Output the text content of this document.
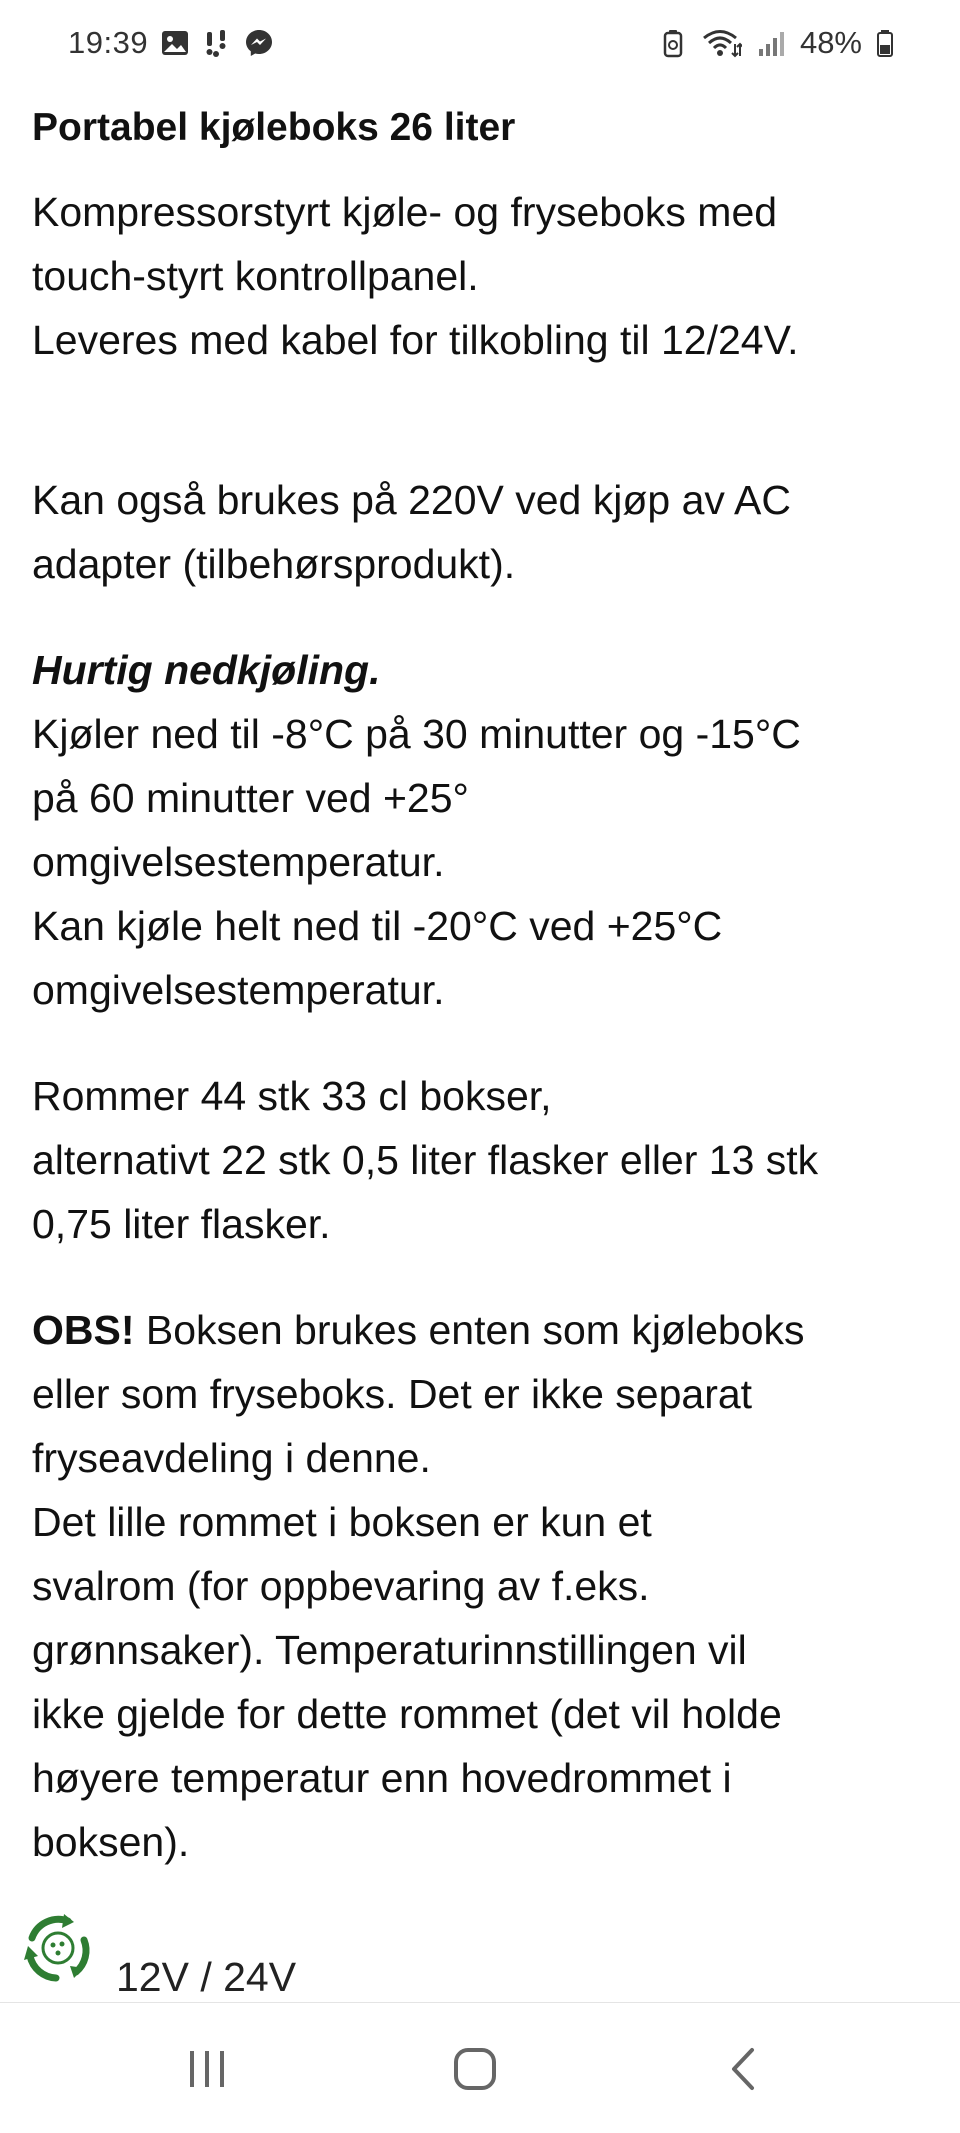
19:39	48%
Portabel kjøleboks 26 liter
Kompressorstyrt kjøle- og fryseboks med
touch-styrt kontrollpanel.
Leveres med kabel for tilkobling til 12/24V.
Kan også brukes på 220V ved kjøp av AC
adapter (tilbehørsprodukt).
Hurtig nedkjøling.
Kjøler ned til -8°C på 30 minutter og -15°C
på 60 minutter ved +25°
omgivelsestemperatur.
Kan kjøle helt ned til -20°C ved +25°C
omgivelsestemperatur.
Rommer 44 stk 33 cl bokser,
alternativt 22 stk 0,5 liter flasker eller 13 stk
0,75 liter flasker.
OBS! Boksen brukes enten som kjøleboks
eller som fryseboks. Det er ikke separat
fryseavdeling i denne.
Det lille rommet i boksen er kun et
svalrom (for oppbevaring av f.eks.
grønnsaker). Temperaturinnstillingen vil
ikke gjelde for dette rommet (det vil holde
høyere temperatur enn hovedrommet i
boksen).
12V / 24V
